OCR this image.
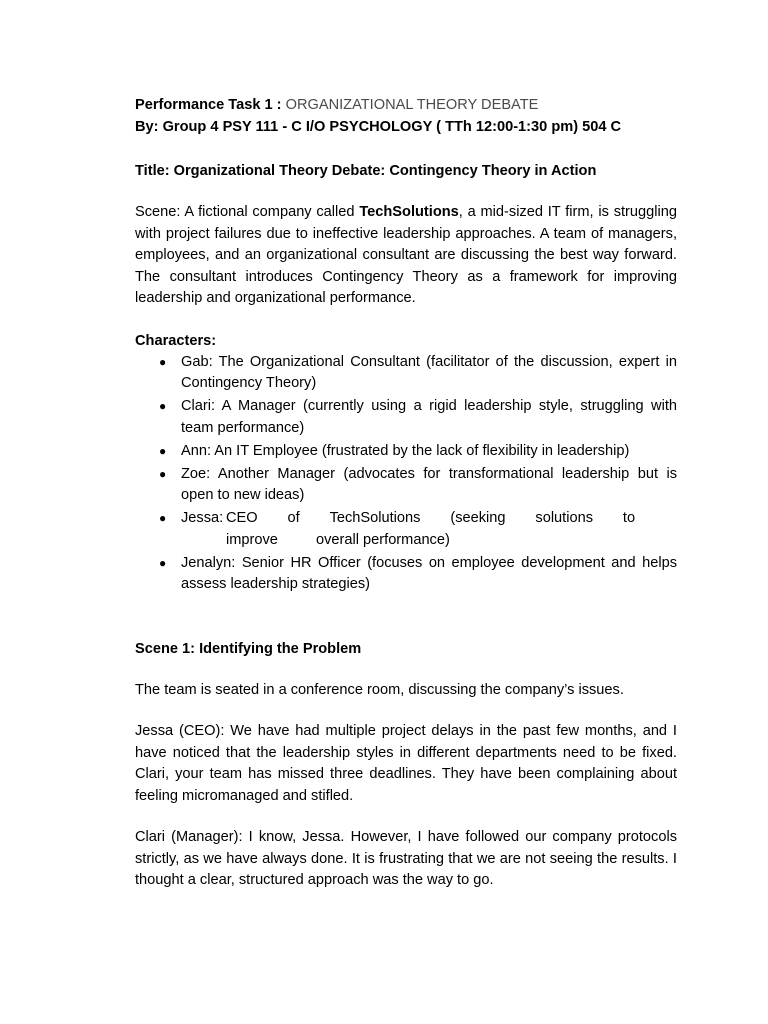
Performance Task 1 : ORGANIZATIONAL THEORY DEBATE

By: Group 4 PSY 111 - C I/O PSYCHOLOGY ( TTh 12:00-1:30 pm) 504 C

Title: Organizational Theory Debate: Contingency Theory in Action

Scene: A fictional company called TechSolutions, a mid-sized IT firm, is struggling with project failures due to ineffective leadership approaches. A team of managers, employees, and an organizational consultant are discussing the best way forward. The consultant introduces Contingency Theory as a framework for improving leadership and organizational performance.

Characters:

● Gab: The Organizational Consultant (facilitator of the discussion, expert in Contingency Theory)
● Clari: A Manager (currently using a rigid leadership style, struggling with team performance)
● Ann: An IT Employee (frustrated by the lack of flexibility in leadership)
● Zoe: Another Manager (advocates for transformational leadership but is open to new ideas)
● Jessa: CEO of TechSolutions (seeking solutions to
improve	overall performance)
● Jenalyn: Senior HR Officer (focuses on employee development and helps assess leadership strategies)

Scene 1: Identifying the Problem

The team is seated in a conference room, discussing the company’s issues.

Jessa (CEO): We have had multiple project delays in the past few months, and I have noticed that the leadership styles in different departments need to be fixed. Clari, your team has missed three deadlines. They have been complaining about feeling micromanaged and stifled.

Clari (Manager): I know, Jessa. However, I have followed our company protocols strictly, as we have always done. It is frustrating that we are not seeing the results. I thought a clear, structured approach was the way to go.
